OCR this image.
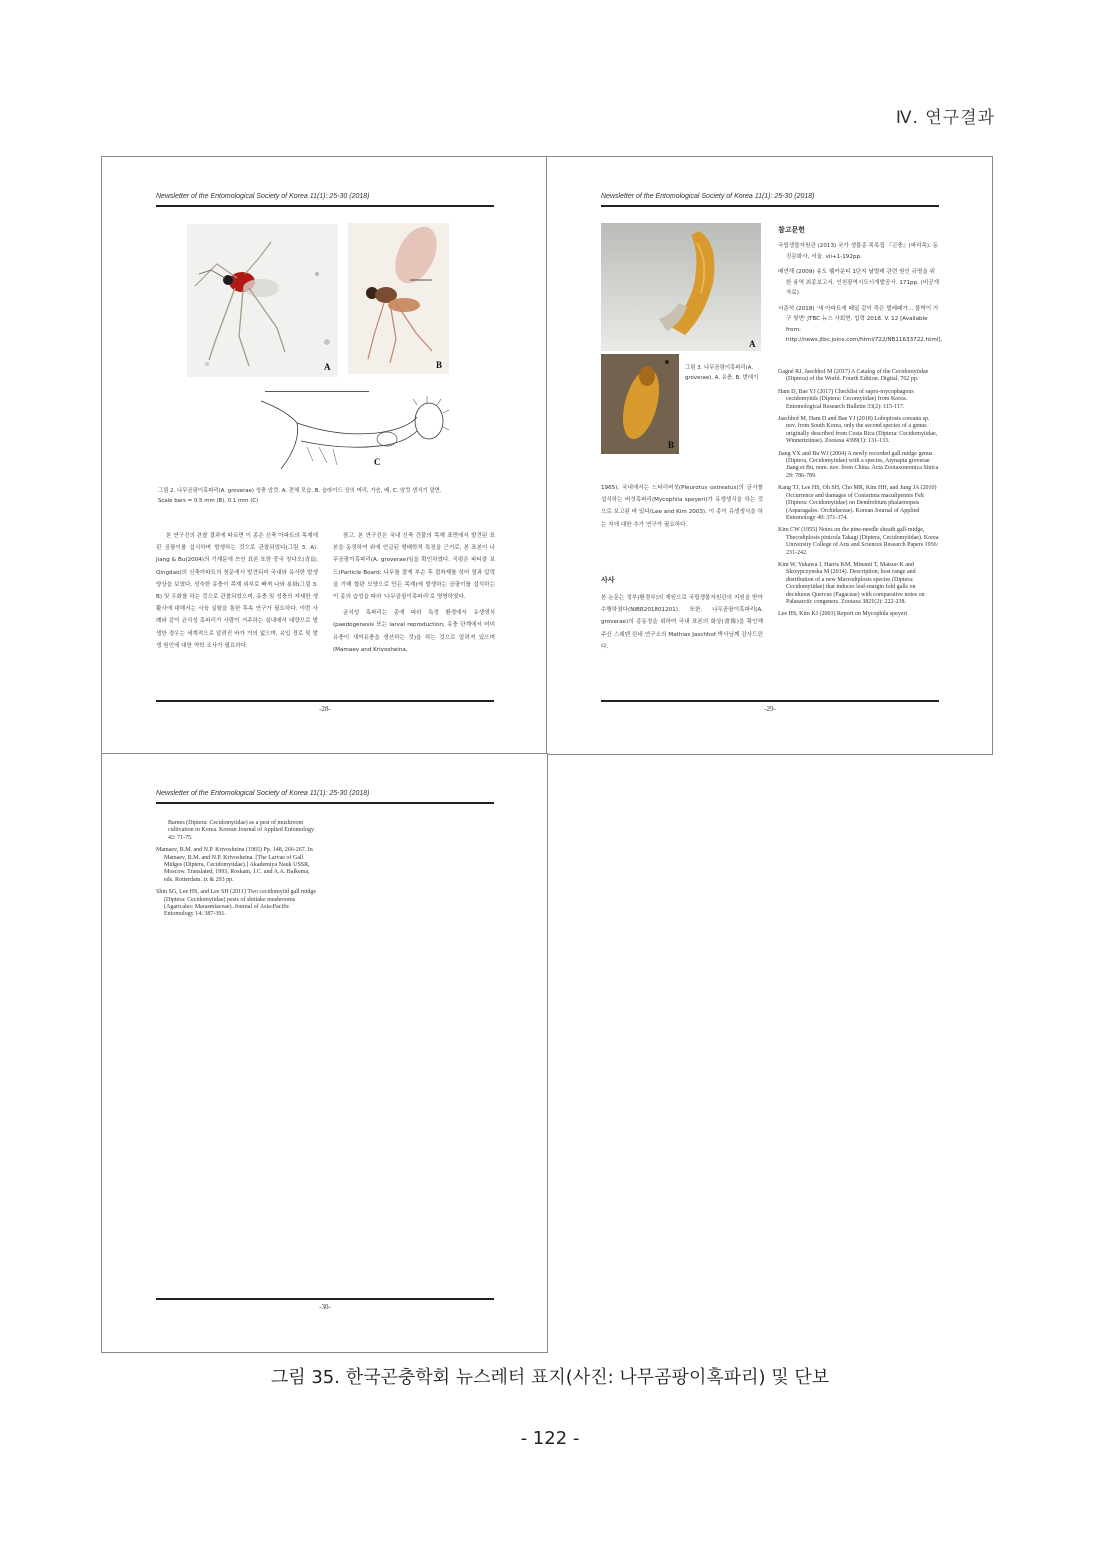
Ⅳ. 연구결과
Newsletter of the Entomological Society of Korea 11(1): 25-30 (2018)
A	B
C
그림 2. 나무곰팡이혹파리(A. groverae) 성충 암컷. A. 전체 모습, B. 슬라이드 상의 머리, 가슴, 배, C. 암컷 생식기 말면.
Scale bars = 0.5 mm (B), 0.1 mm (C)

본 연구진의 관찰 결과에 따르면 이 종은 신축 아파트의 목재에 핀 곰팡이를 섭식하며 발생하는 것으로 관찰되었다(그림 3. A). Jiang & Bu(2004)의 기재문에 쓰인 표본 또한 중국 칭다오(青島; Qingdao)의 신축아파트의 창문에서 발견되어 국내와 유사한 발생 양상을 보였다. 성숙한 유충이 목재 외부로 빠져 나와 용화(그림 3. B) 및 우화를 하는 것으로 관찰되었으며, 유충 및 성충의 자세한 생활사에 대해서는 사육 실험을 통한 후속 연구가 필요하다. 이번 사례와 같이 균식성 혹파리가 사람이 거주하는 실내에서 대량으로 발생한 경우는 세계적으로 알려진 바가 거의 없으며, 유입 경로 및 발생 원인에 대한 역학 조사가 필요하다.

참고. 본 연구진은 국내 신축 건물의 목재 표면에서 발견된 표본을 동정하여 위에 언급된 형태학적 특징을 근거로, 본 표본이 나무곰팡이혹파리(A. groverae)임을 확인하였다. 곡펑은 파티클 보드(Particle Board; 나무를 잘게 부순 후 접착제를 섞어 열과 압력을 가해 합판 모양으로 만든 목재)에 발생하는 곰팡이를 섭식하는 이 종의 습성을 따라 '나무곰팡이혹파리'로 명명하였다.

균식성 혹파리는 종에 따라 특정 환경에서 유생생식(paedogenesis 또는 larval reproduction; 유충 단계에서 어미유충이 새끼유충을 생산하는 것)을 하는 것으로 알려져 있으며(Mamaev and Krivosheina,

-28-
Newsletter of the Entomological Society of Korea 11(1): 25-30 (2018)
A
B
그림 3. 나무곰팡이혹파리(A. groverae). A. 유충, B. 번데기

1965). 국내에서는 느타리버섯(Pleurotus ostreatus)의 균사를 섭식하는 버섯혹파리(Mycophila speyeri)가 유생생식을 하는 것으로 보고된 바 있다(Lee and Kim 2003). 이 종이 유생생식을 하는 지에 대한 추가 연구가 필요하다.

사사

본 논문는 정부(환경부)의 재원으로 국립생물자원관의 지원을 받아 수행하였다(NIBR201801201). 또한, 나무곰팡이혹파리(A. groverae)의 종동정을 위하여 국내 표본의 화상(畫像)을 확인해 주신 스웨덴 린네 연구소의 Mathias Jaschhof 박사님께 감사드린다.

참고문헌

국립생물자원관 (2013) 국가 생물종 목록집 『곤충』(파리목). 동진문화사, 서울. vii+1-192pp.

배연재 (2009) 송도 웰카운티 1단지 날벌레 관련 원인 규명을 위한 용역 최종보고서. 인천광역시도시개발공사. 171pp. (비공개 자료)

서준석 (2018) '새 아파트에 떼일 같이 죽은 벌레떼가... 불박이 가구 뒷면' JTBC 뉴스 사회면. 입력 2018. V. 12 [Available from: http://news.jtbc.joins.com/html/722/NB11633722.html].

Gagné RJ, Jaschhof M (2017) A Catalog of the Cecidomyiidae (Diptera) of the World. Fourth Edition. Digital. 762 pp.

Ham D, Bae YJ (2017) Checklist of sapro-mycophagous cecidomyiids (Diptera: Cecomyiidae) from Korea. Entomological Research Bulletin 33(2): 115-117.

Jaschhof M, Ham D and Bae YJ (2018) Lobopiosis coreana sp. nov. from South Korea, only the second species of a genus originally described from Costa Rica (Diptera: Cecidomyiidae, Winnertziinae). Zootaxa 4399(1): 131-133.

Jiang YX and Bu WJ (2004) A newly recorded gall midge genus (Diptera, Cecidomyiidae) with a species, Atynapta groverae Jiang et Bu, nom. nov. from China. Acta Zootaxonomica Sinica 29: 786-789.

Kang TJ, Lee HS, Oh SH, Cho MR, Kim HH, and Jung JA (2010) Occurrence and damages of Contarinia maculipennis Felt (Diptera: Cecidomyiidae) on Dendrobium phalaenopsis (Asparagales: Orchidaceae). Korean Journal of Applied Entomology 49: 371-374.

Kim CW (1955) Notes on the pine-needle sheath gall-midge, Thecodiplosis pinicola Takagi (Diptera, Cecidomyiidae). Korea University College of Arts and Sciences Research Papers 1956: 231-242.

Kim W, Yukawa J, Harris KM, Minami T, Matsuo K and Skrzypczynska M (2014). Description, host range and distribution of a new Macrodiplosis species (Diptera: Cecidomyiidae) that induces leaf-margin fold galls on deciduous Quercus (Fagaceae) with comparative notes on Palaearctic congeners. Zootaxa 3821(2): 222-238.

Lee HS, Kim KJ (2003) Report on Mycophila speyeri

-29-
Newsletter of the Entomological Society of Korea 11(1): 25-30 (2018)

Barnes (Diptera: Cecidomyiidae) as a pest of mushroom cultivation in Korea. Korean Journal of Applied Entomology 42: 71-75.

Mamaev, B.M. and N.P. Krivosheina (1965) Pp. 148, 266-267. In Mamaev, B.M. and N.P. Krivosheina. [The Larvae of Gall Midges (Diptera, Cecidomyiidae).] Akademiya Nauk USSR, Moscow. Translated, 1993, Roskam, J.C. and A.A. Balkema, eds. Rotterdam. ix & 293 pp.

Shin SG, Lee HS, and Lee SH (2011) Two cecidomyiid gall midge (Diptera: Cecidomyiidae) pests of shiitake mushrooms (Agaricales: Marasmiaceae). Journal of Asia-Pacific Entomology 14: 387-391.

-30-
그림 35. 한국곤충학회 뉴스레터 표지(사진: 나무곰팡이혹파리) 및 단보
- 122 -
